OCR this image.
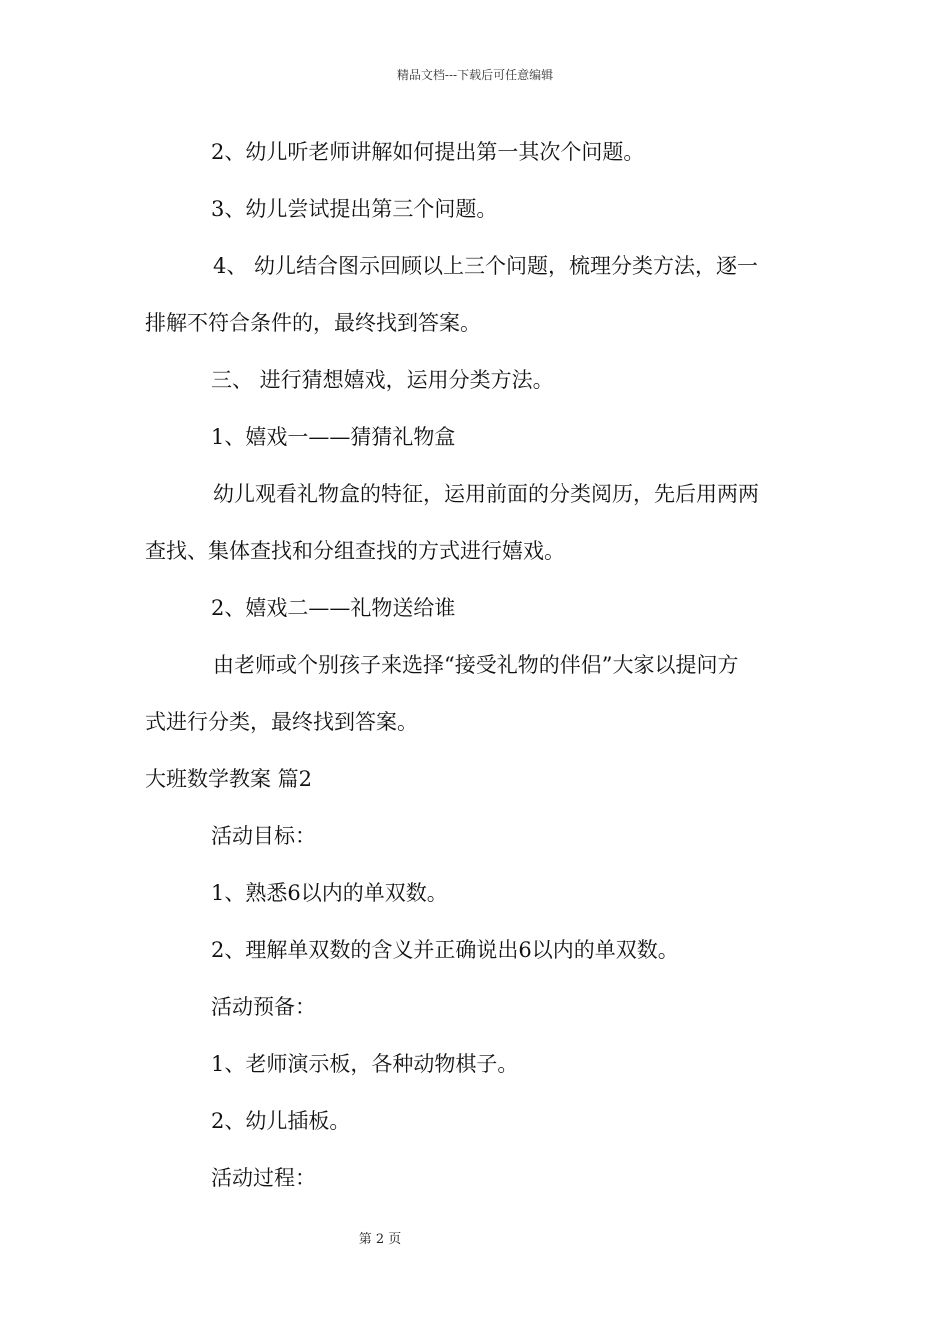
精品文档---下载后可任意编辑
2、幼儿听老师讲解如何提出第一其次个问题。
3、幼儿尝试提出第三个问题。
4、 幼儿结合图示回顾以上三个问题，梳理分类方法，逐一
排解不符合条件的，最终找到答案。
三、 进行猜想嬉戏，运用分类方法。
1、嬉戏一——猜猜礼物盒
幼儿观看礼物盒的特征，运用前面的分类阅历，先后用两两
查找、集体查找和分组查找的方式进行嬉戏。
2、嬉戏二——礼物送给谁
由老师或个别孩子来选择“接受礼物的伴侣”大家以提问方
式进行分类，最终找到答案。
大班数学教案 篇2
活动目标：
1、熟悉6以内的单双数。
2、理解单双数的含义并正确说出6以内的单双数。
活动预备：
1、老师演示板，各种动物棋子。
2、幼儿插板。
活动过程：
第 2 页
